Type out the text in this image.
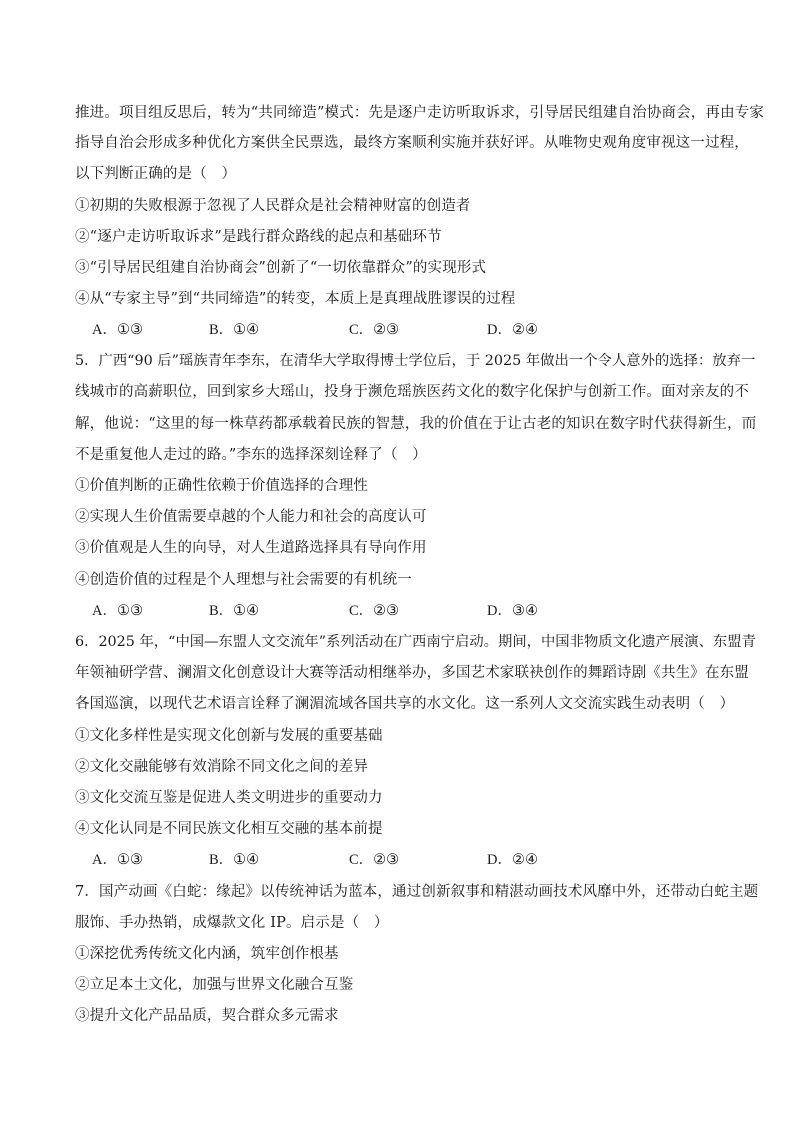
推进。项目组反思后，转为“共同缔造”模式：先是逐户走访听取诉求，引导居民组建自治协商会，再由专家
指导自治会形成多种优化方案供全民票选，最终方案顺利实施并获好评。从唯物史观角度审视这一过程，
以下判断正确的是（　）
①初期的失败根源于忽视了人民群众是社会精神财富的创造者
②“逐户走访听取诉求”是践行群众路线的起点和基础环节
③“引导居民组建自治协商会”创新了“一切依靠群众”的实现形式
④从“专家主导”到“共同缔造”的转变，本质上是真理战胜谬误的过程
A．①③	B．①④	C．②③	D．②④
5．广西“90 后”瑶族青年李东，在清华大学取得博士学位后，于 2025 年做出一个令人意外的选择：放弃一
线城市的高薪职位，回到家乡大瑶山，投身于濒危瑶族医药文化的数字化保护与创新工作。面对亲友的不
解，他说：“这里的每一株草药都承载着民族的智慧，我的价值在于让古老的知识在数字时代获得新生，而
不是重复他人走过的路。”李东的选择深刻诠释了（　）
①价值判断的正确性依赖于价值选择的合理性
②实现人生价值需要卓越的个人能力和社会的高度认可
③价值观是人生的向导，对人生道路选择具有导向作用
④创造价值的过程是个人理想与社会需要的有机统一
A．①③	B．①④	C．②③	D．③④
6．2025 年，“中国—东盟人文交流年”系列活动在广西南宁启动。期间，中国非物质文化遗产展演、东盟青
年领袖研学营、澜湄文化创意设计大赛等活动相继举办，多国艺术家联袂创作的舞蹈诗剧《共生》在东盟
各国巡演，以现代艺术语言诠释了澜湄流域各国共享的水文化。这一系列人文交流实践生动表明（　）
①文化多样性是实现文化创新与发展的重要基础
②文化交融能够有效消除不同文化之间的差异
③文化交流互鉴是促进人类文明进步的重要动力
④文化认同是不同民族文化相互交融的基本前提
A．①③	B．①④	C．②③	D．②④
7．国产动画《白蛇：缘起》以传统神话为蓝本，通过创新叙事和精湛动画技术风靡中外，还带动白蛇主题
服饰、手办热销，成爆款文化 IP。启示是（　）
①深挖优秀传统文化内涵，筑牢创作根基
②立足本土文化，加强与世界文化融合互鉴
③提升文化产品品质，契合群众多元需求
